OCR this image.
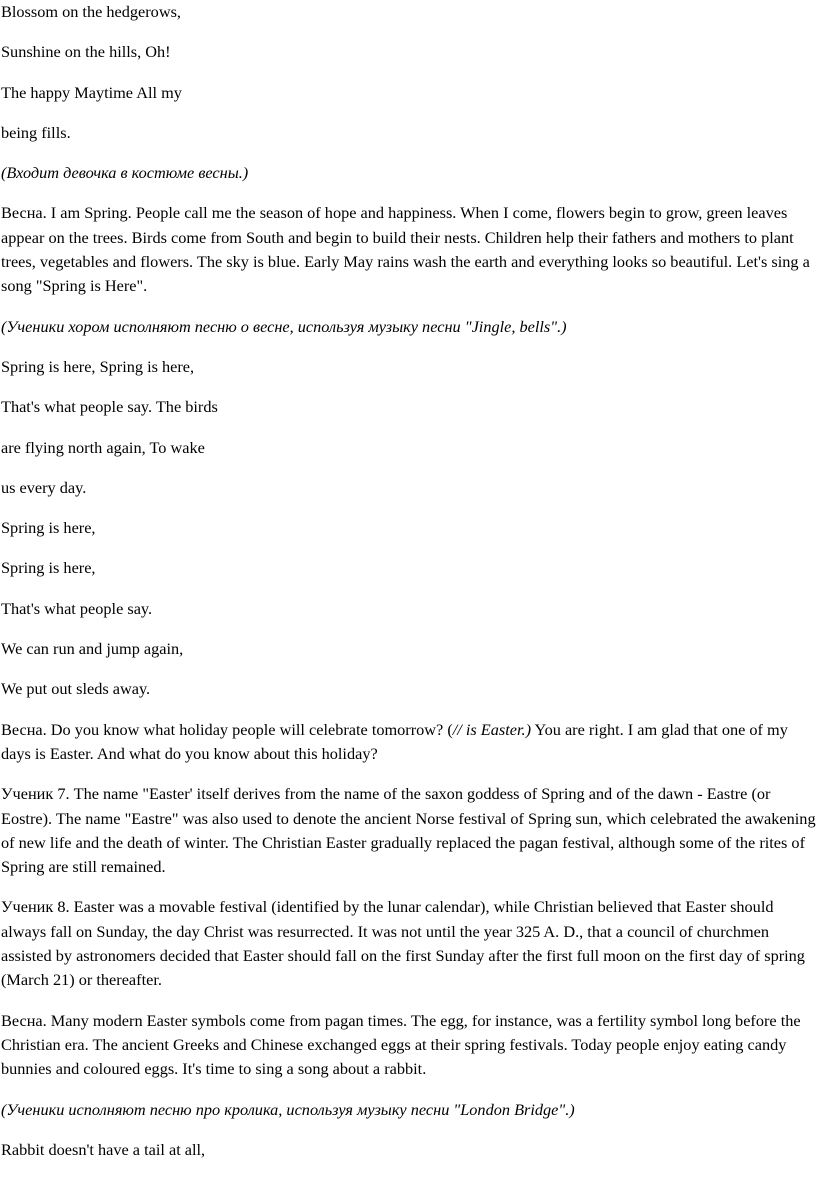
Blossom on the hedgerows,

Sunshine on the hills, Oh!

The happy Maytime All my

being fills.

(Входит девочка в костюме весны.)

Весна. I am Spring. People call me the season of hope and happiness. When I come, flowers begin to grow, green leaves appear on the trees. Birds come from South and begin to build their nests. Children help their fathers and mothers to plant trees, vegetables and flowers. The sky is blue. Early May rains wash the earth and everything looks so beautiful. Let's sing a song "Spring is Here".

(Ученики хором исполняют песню о весне, используя музыку песни "Jingle, bells".)

Spring is here, Spring is here,

That's what people say. The birds

are flying north again, To wake

us every day.

Spring is here,

Spring is here,

That's what people say.

We can run and jump again,

We put out sleds away.

Весна. Do you know what holiday people will celebrate tomorrow? (// is Easter.) You are right. I am glad that one of my days is Easter. And what do you know about this holiday?

Ученик 7. The name "Easter' itself derives from the name of the saxon goddess of Spring and of the dawn - Eastre (or Eostre). The name "Eastre" was also used to denote the ancient Norse festival of Spring sun, which celebrated the awakening of new life and the death of winter. The Christian Easter gradually replaced the pagan festival, although some of the rites of Spring are still remained.

Ученик 8. Easter was a movable festival (identified by the lunar calendar), while Christian believed that Easter should always fall on Sunday, the day Christ was resurrected. It was not until the year 325 A. D., that a council of churchmen assisted by astronomers decided that Easter should fall on the first Sunday after the first full moon on the first day of spring (March 21) or thereafter.

Весна. Many modern Easter symbols come from pagan times. The egg, for instance, was a fertility symbol long before the Christian era. The ancient Greeks and Chinese exchanged eggs at their spring festivals. Today people enjoy eating candy bunnies and coloured eggs. It's time to sing a song about a rabbit.

(Ученики исполняют песню про кролика, используя музыку песни "London Bridge".)

Rabbit doesn't have a tail at all,
